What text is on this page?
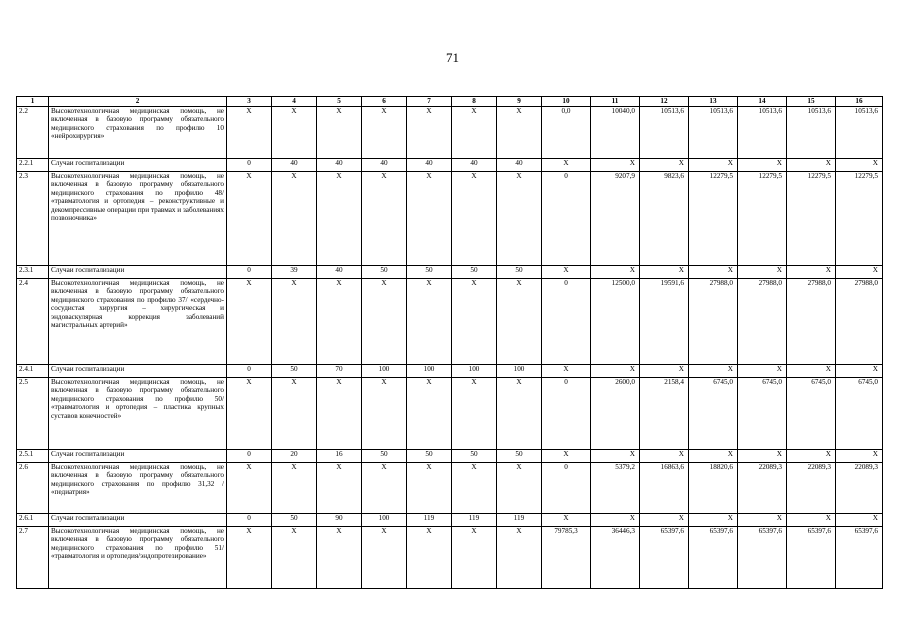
71
1	2	3	4	5	6	7	8	9	10	11	12	13	14	15	16
2.2	Высокотехнологичная медицинская помощь, не включенная в базовую программу обязательного медицинского страхования по профилю 10 «нейрохирургия»	Х	Х	Х	Х	Х	Х	Х	0,0	10040,0	10513,6	10513,6	10513,6	10513,6	10513,6
2.2.1	Случаи госпитализации	0	40	40	40	40	40	40	Х	Х	Х	Х	Х	Х	Х
2.3	Высокотехнологичная медицинская помощь, не включенная в базовую программу обязательного медицинского страхования по профилю 48/ «травматология и ортопедия – реконструктивные и декомпрессивные операции при травмах и заболеваниях позвоночника»	Х	Х	Х	Х	Х	Х	Х	0	9207,9	9823,6	12279,5	12279,5	12279,5	12279,5
2.3.1	Случаи госпитализации	0	39	40	50	50	50	50	Х	Х	Х	Х	Х	Х	Х
2.4	Высокотехнологичная медицинская помощь, не включенная в базовую программу обязательного медицинского страхования по профилю 37/ «сердечно-сосудистая хирургия – хирургическая и эндоваскулярная коррекция заболеваний магистральных артерий»	Х	Х	Х	Х	Х	Х	Х	0	12500,0	19591,6	27988,0	27988,0	27988,0	27988,0
2.4.1	Случаи госпитализации	0	50	70	100	100	100	100	Х	Х	Х	Х	Х	Х	Х
2.5	Высокотехнологичная медицинская помощь, не включенная в базовую программу обязательного медицинского страхования по профилю 50/ «травматология и ортопедия – пластика крупных суставов конечностей»	Х	Х	Х	Х	Х	Х	Х	0	2600,0	2158,4	6745,0	6745,0	6745,0	6745,0
2.5.1	Случаи госпитализации	0	20	16	50	50	50	50	Х	Х	Х	Х	Х	Х	Х
2.6	Высокотехнологичная медицинская помощь, не включенная в базовую программу обязательного медицинского страхования по профилю 31,32 / «педиатрия»	Х	Х	Х	Х	Х	Х	Х	0	5379,2	16863,6	18820,6	22089,3	22089,3	22089,3
2.6.1	Случаи госпитализации	0	50	90	100	119	119	119	Х	Х	Х	Х	Х	Х	Х
2.7	Высокотехнологичная медицинская помощь, не включенная в базовую программу обязательного медицинского страхования по профилю 51/ «травматология и ортопедия/эндопротезирование»	Х	Х	Х	Х	Х	Х	Х	79785,3	36446,3	65397,6	65397,6	65397,6	65397,6	65397,6
